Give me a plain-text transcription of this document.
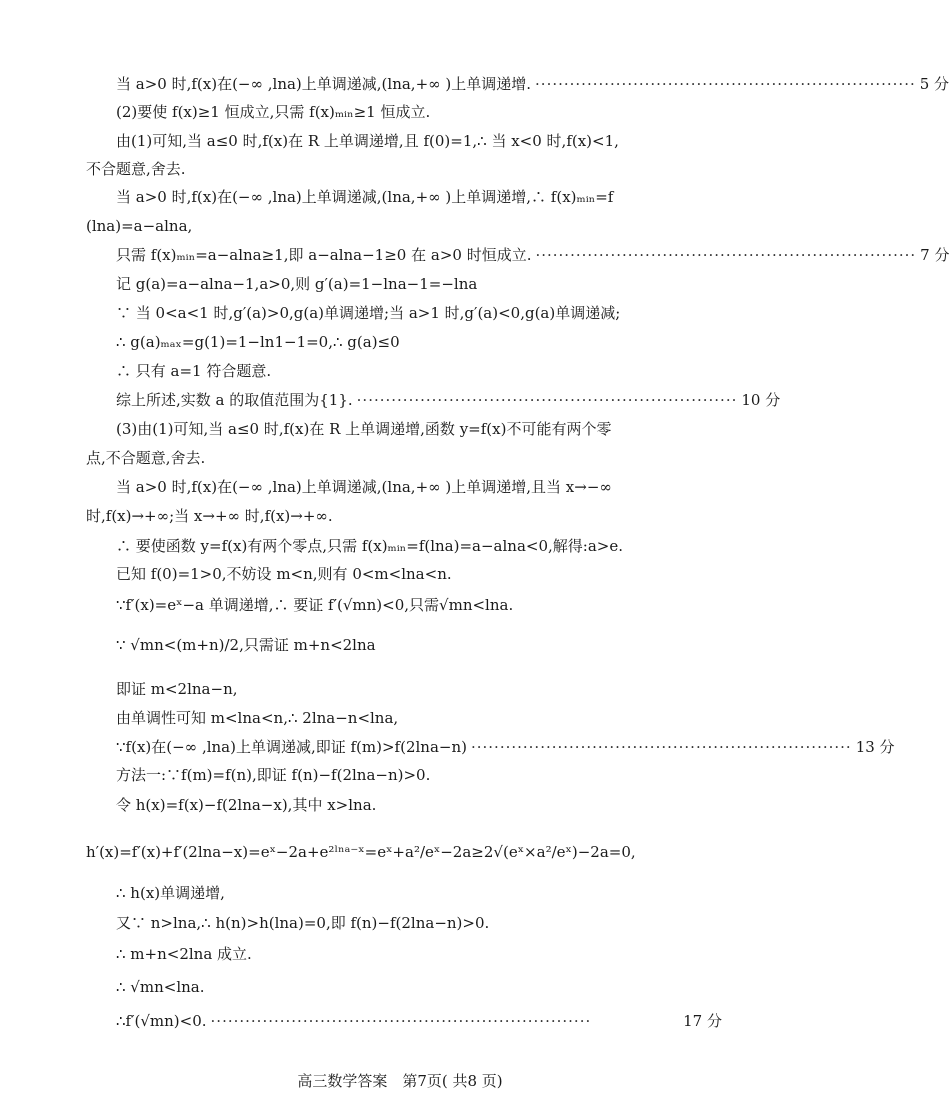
当 a>0 时,f(x)在(−∞ ,lna)上单调递减,(lna,+∞ )上单调递增. ·································································· 5 分
(2)要使 f(x)≥1 恒成立,只需 f(x)ₘᵢₙ≥1 恒成立.
由(1)可知,当 a≤0 时,f(x)在 R 上单调递增,且 f(0)=1,∴ 当 x<0 时,f(x)<1,
不合题意,舍去.
当 a>0 时,f(x)在(−∞ ,lna)上单调递减,(lna,+∞ )上单调递增,∴ f(x)ₘᵢₙ=f
(lna)=a−alna,
只需 f(x)ₘᵢₙ=a−alna≥1,即 a−alna−1≥0 在 a>0 时恒成立. ·································································· 7 分
记 g(a)=a−alna−1,a>0,则 g′(a)=1−lna−1=−lna
∵ 当 0<a<1 时,g′(a)>0,g(a)单调递增;当 a>1 时,g′(a)<0,g(a)单调递减;
∴ g(a)ₘₐₓ=g(1)=1−ln1−1=0,∴ g(a)≤0
∴ 只有 a=1 符合题意.
综上所述,实数 a 的取值范围为{1}. ·································································· 10 分
(3)由(1)可知,当 a≤0 时,f(x)在 R 上单调递增,函数 y=f(x)不可能有两个零
点,不合题意,舍去.
当 a>0 时,f(x)在(−∞ ,lna)上单调递减,(lna,+∞ )上单调递增,且当 x→−∞
时,f(x)→+∞;当 x→+∞ 时,f(x)→+∞.
∴ 要使函数 y=f(x)有两个零点,只需 f(x)ₘᵢₙ=f(lna)=a−alna<0,解得:a>e.
已知 f(0)=1>0,不妨设 m<n,则有 0<m<lna<n.
∵f′(x)=eˣ−a 单调递增,∴ 要证 f′(√mn)<0,只需√mn<lna.
∵ √mn<(m+n)/2,只需证 m+n<2lna
即证 m<2lna−n,
由单调性可知 m<lna<n,∴ 2lna−n<lna,
∵f(x)在(−∞ ,lna)上单调递减,即证 f(m)>f(2lna−n) ·································································· 13 分
方法一:∵f(m)=f(n),即证 f(n)−f(2lna−n)>0.
令 h(x)=f(x)−f(2lna−x),其中 x>lna.
h′(x)=f′(x)+f′(2lna−x)=eˣ−2a+e²ˡⁿᵃ⁻ˣ=eˣ+a²/eˣ−2a≥2√(eˣ×a²/eˣ)−2a=0,
∴ h(x)单调递增,
又∵ n>lna,∴ h(n)>h(lna)=0,即 f(n)−f(2lna−n)>0.
∴ m+n<2lna 成立.
∴ √mn<lna.
∴f′(√mn)<0. ··································································	17 分
高三数学答案　第7页( 共8 页)
